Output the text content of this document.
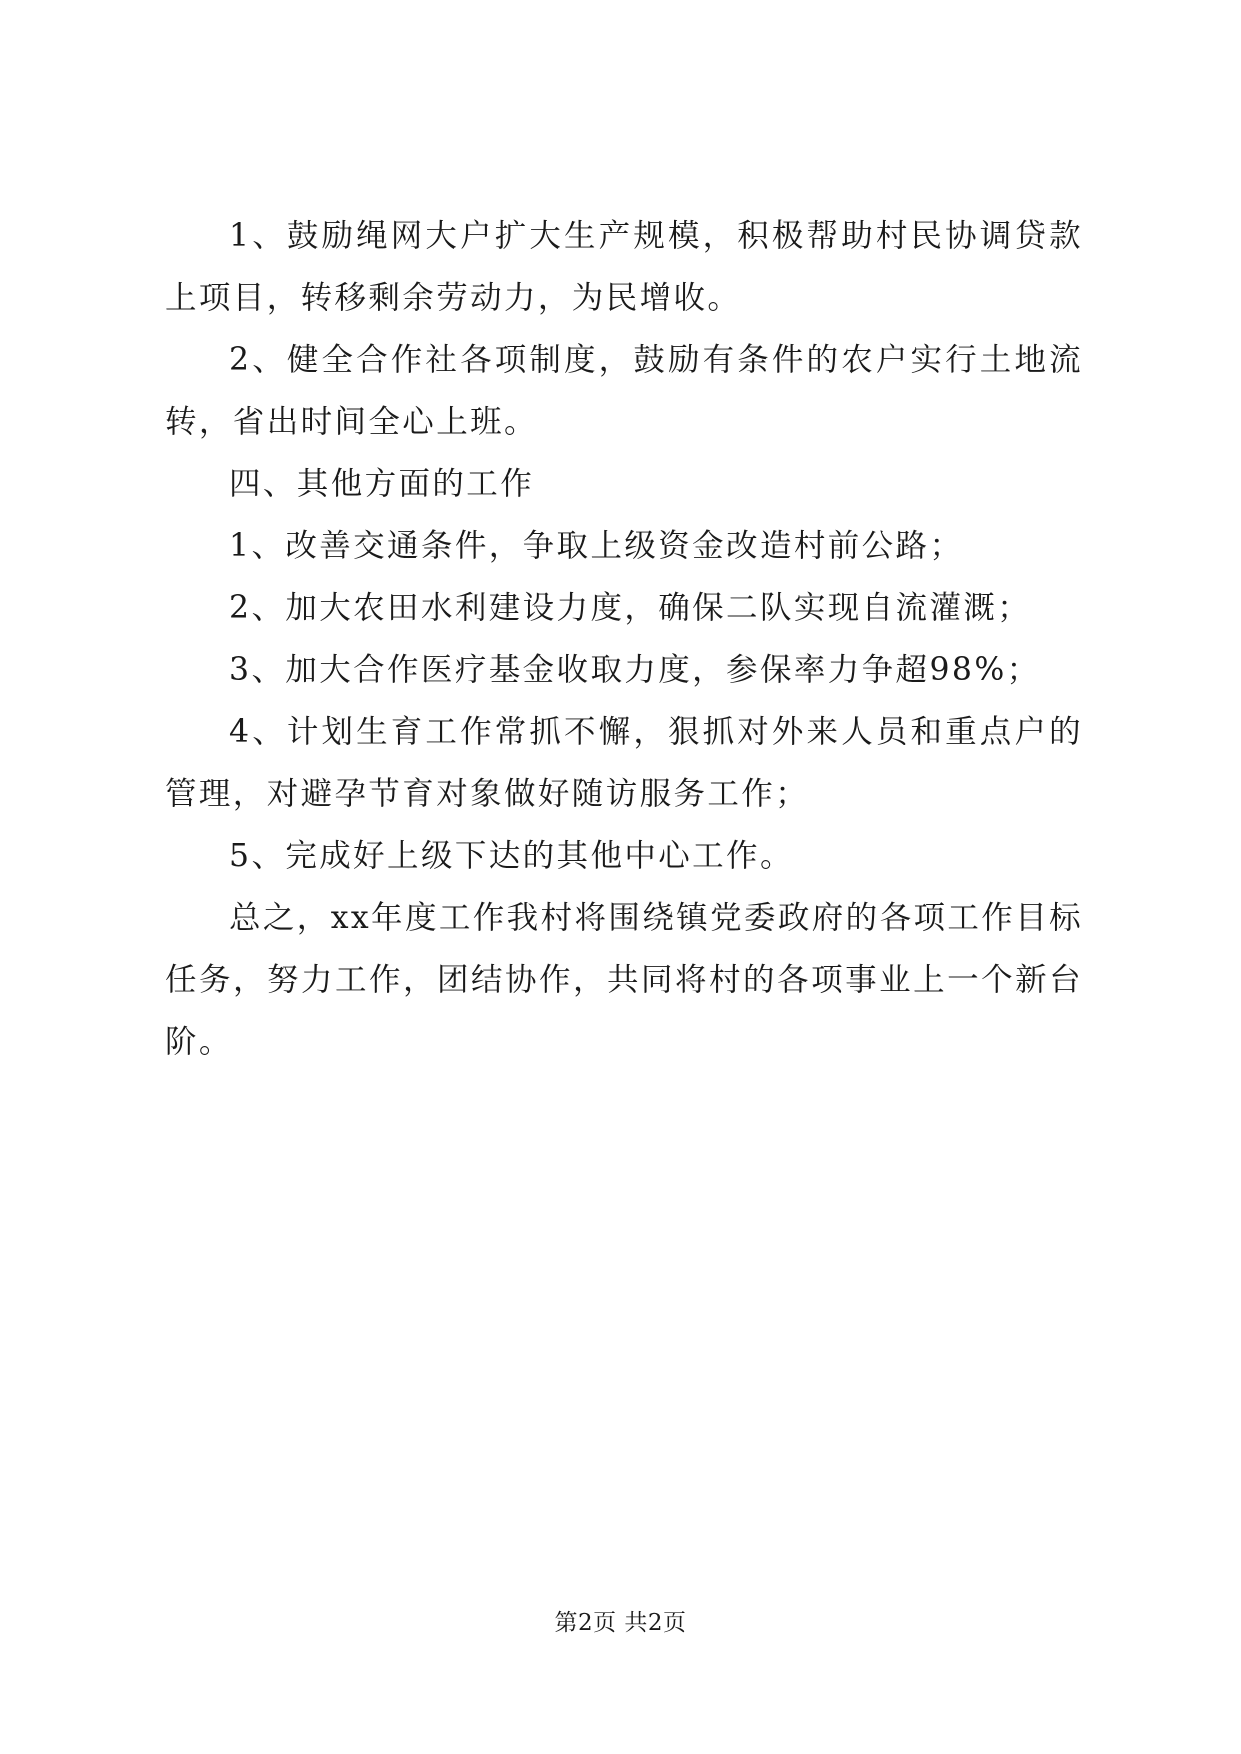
1、鼓励绳网大户扩大生产规模，积极帮助村民协调贷款上项目，转移剩余劳动力，为民增收。

2、健全合作社各项制度，鼓励有条件的农户实行土地流转，省出时间全心上班。

四、其他方面的工作

1、改善交通条件，争取上级资金改造村前公路；

2、加大农田水利建设力度，确保二队实现自流灌溉；

3、加大合作医疗基金收取力度，参保率力争超98%；

4、计划生育工作常抓不懈，狠抓对外来人员和重点户的管理，对避孕节育对象做好随访服务工作；

5、完成好上级下达的其他中心工作。

总之，xx年度工作我村将围绕镇党委政府的各项工作目标任务，努力工作，团结协作，共同将村的各项事业上一个新台阶。

第2页 共2页
